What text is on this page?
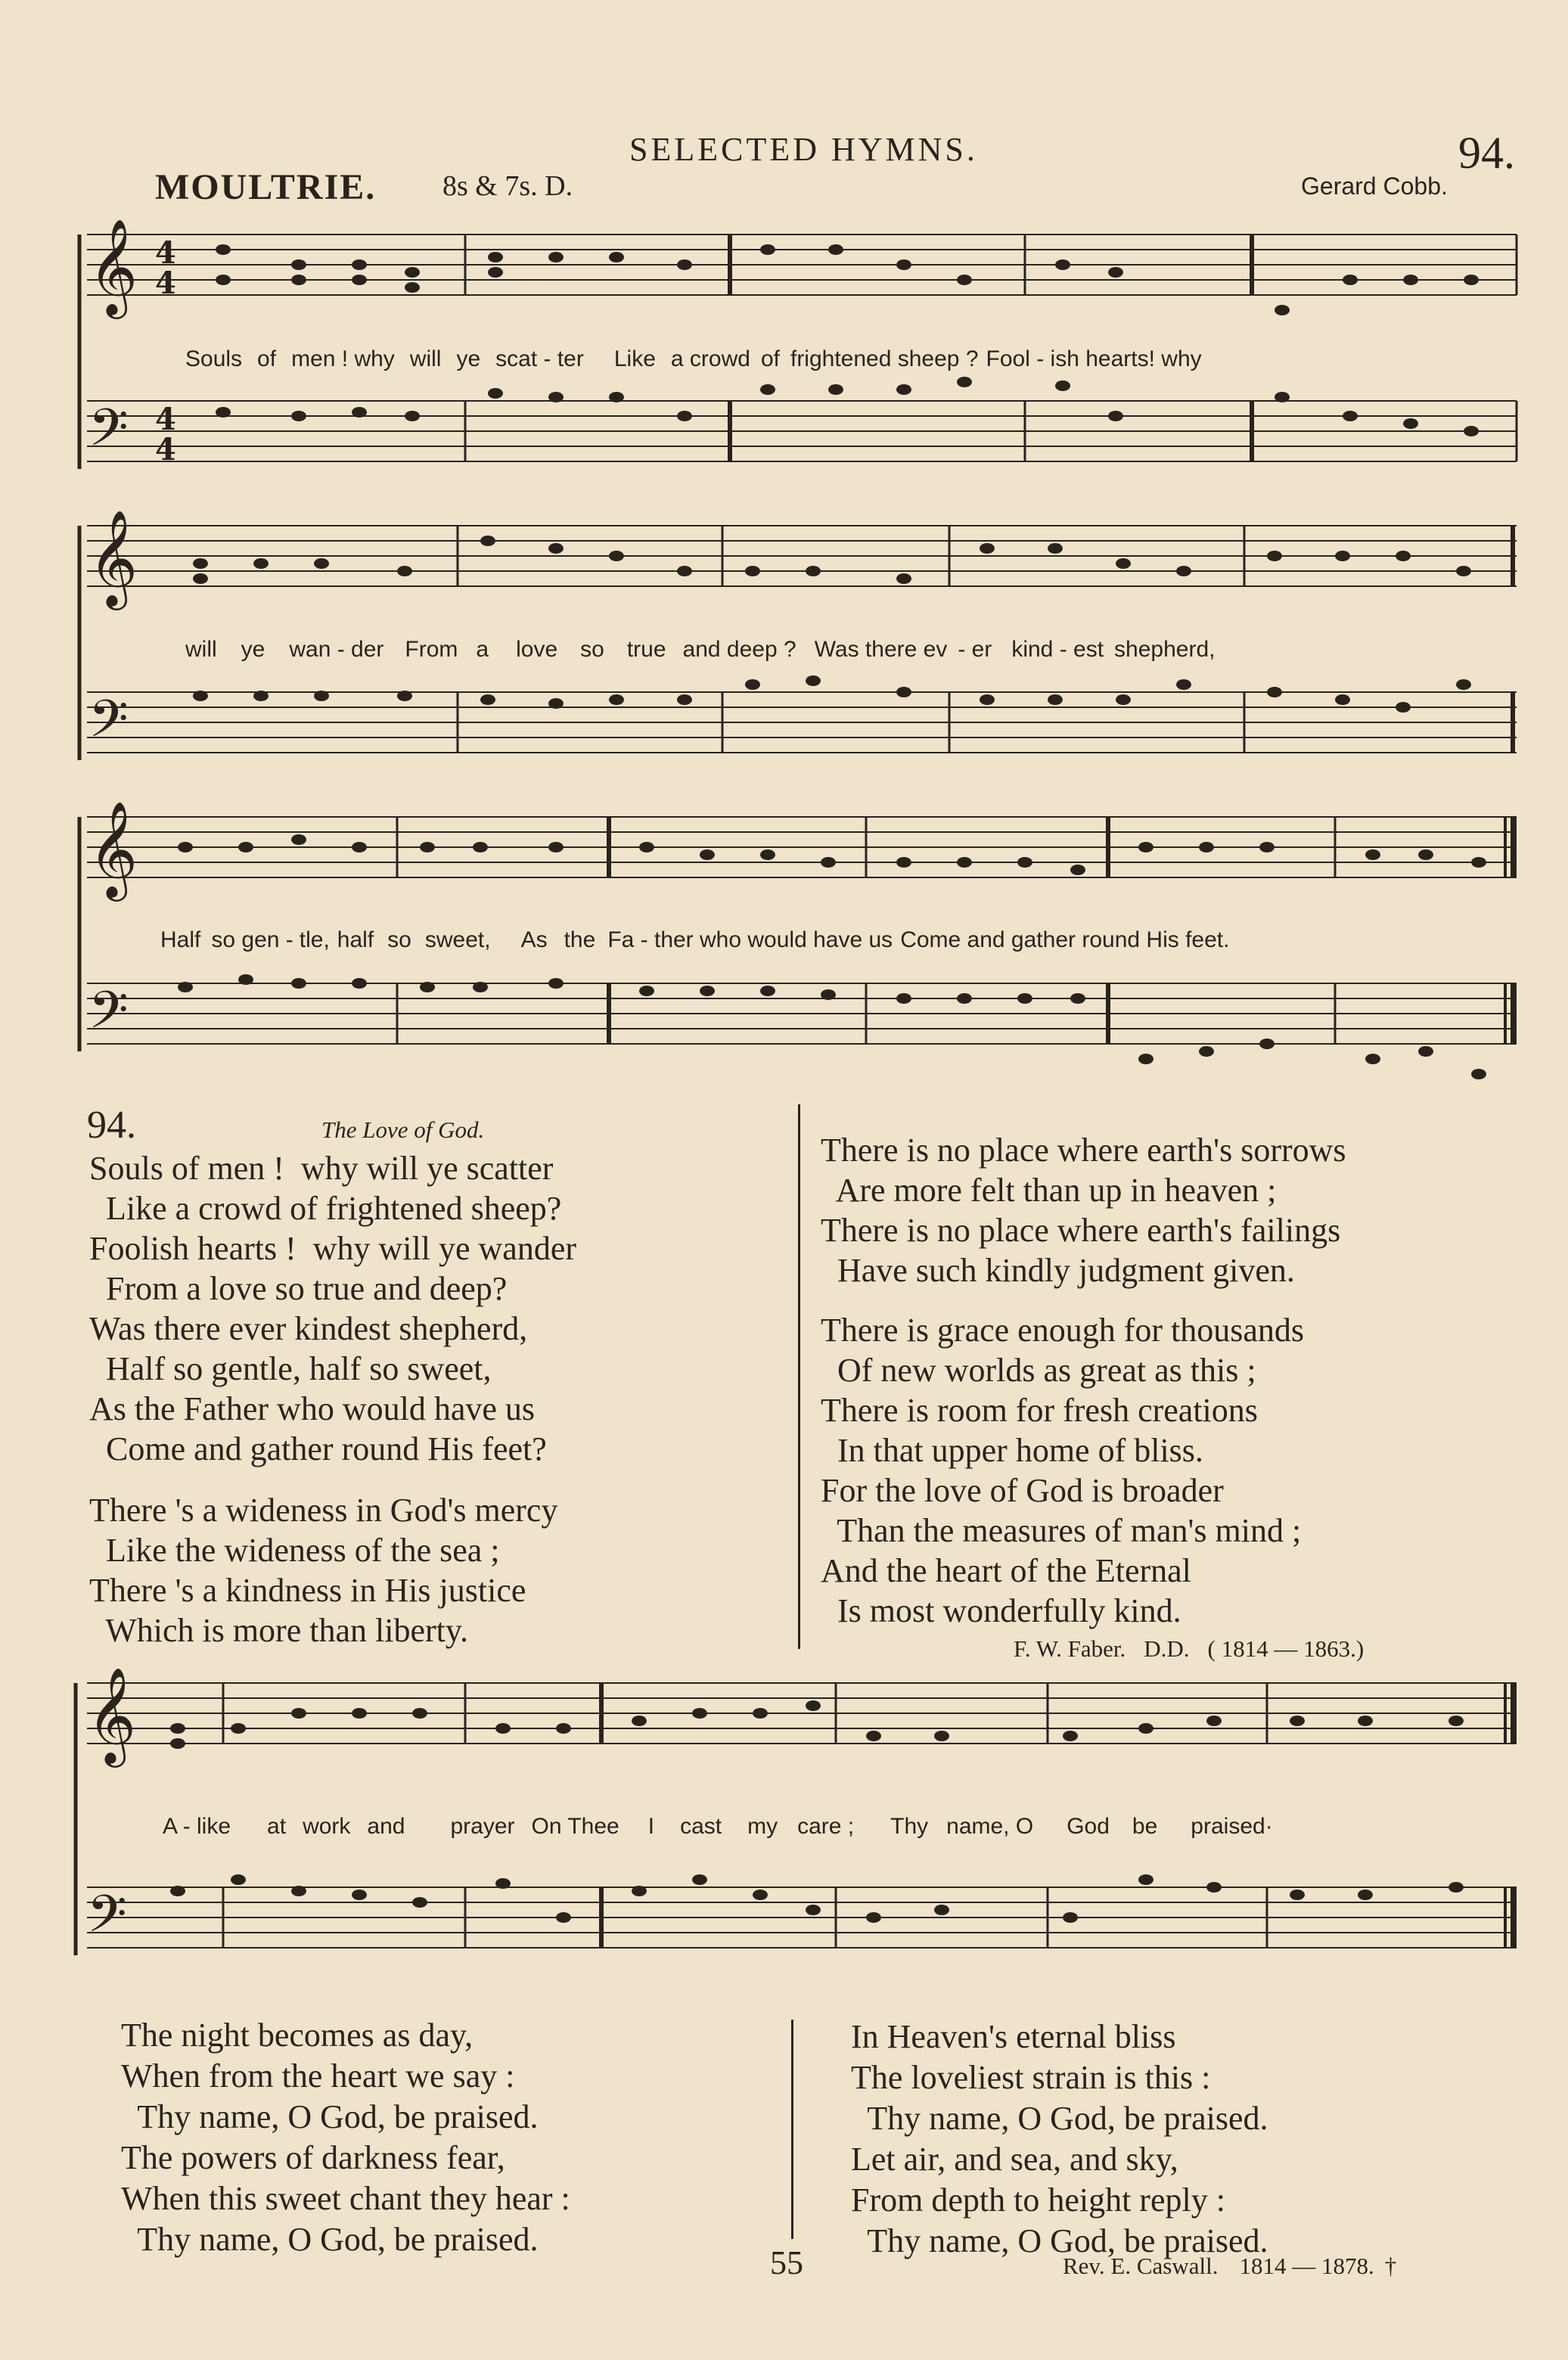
SELECTED HYMNS.	94.
MOULTRIE. 8s & 7s. D.	Gerard Cobb.
𝄞
𝄢
4
4
4
4
Souls of men ! why will ye scat - ter Like a crowd of frightened sheep ? Fool - ish hearts! why
𝄞
𝄢
will ye wan - der From a love so true and deep ? Was there ev - er kind - est shepherd,
𝄞
𝄢
Half so gen - tle, half so sweet, As the Fa - ther who would have us Come and gather round His feet.
94.	The Love of God.
Souls of men !  why will ye scatter
Like a crowd of frightened sheep?
Foolish hearts !  why will ye wander
From a love so true and deep?
Was there ever kindest shepherd,
Half so gentle, half so sweet,
As the Father who would have us
Come and gather round His feet?
There 's a wideness in God's mercy
Like the wideness of the sea ;
There 's a kindness in His justice
Which is more than liberty.
There is no place where earth's sorrows
Are more felt than up in heaven ;
There is no place where earth's failings
Have such kindly judgment given.
There is grace enough for thousands
Of new worlds as great as this ;
There is room for fresh creations
In that upper home of bliss.
For the love of God is broader
Than the measures of man's mind ;
And the heart of the Eternal
Is most wonderfully kind.
F. W. Faber. D.D. ( 1814 — 1863.)
𝄞
𝄢
A - like at work and prayer On Thee I cast my care ; Thy name, O God be praised·
The night becomes as day,
When from the heart we say :
Thy name, O God, be praised.
The powers of darkness fear,
When this sweet chant they hear :
Thy name, O God, be praised.
In Heaven's eternal bliss
The loveliest strain is this :
Thy name, O God, be praised.
Let air, and sea, and sky,
From depth to height reply :
Thy name, O God, be praised.
55	Rev. E. Caswall. 1814 — 1878. †
